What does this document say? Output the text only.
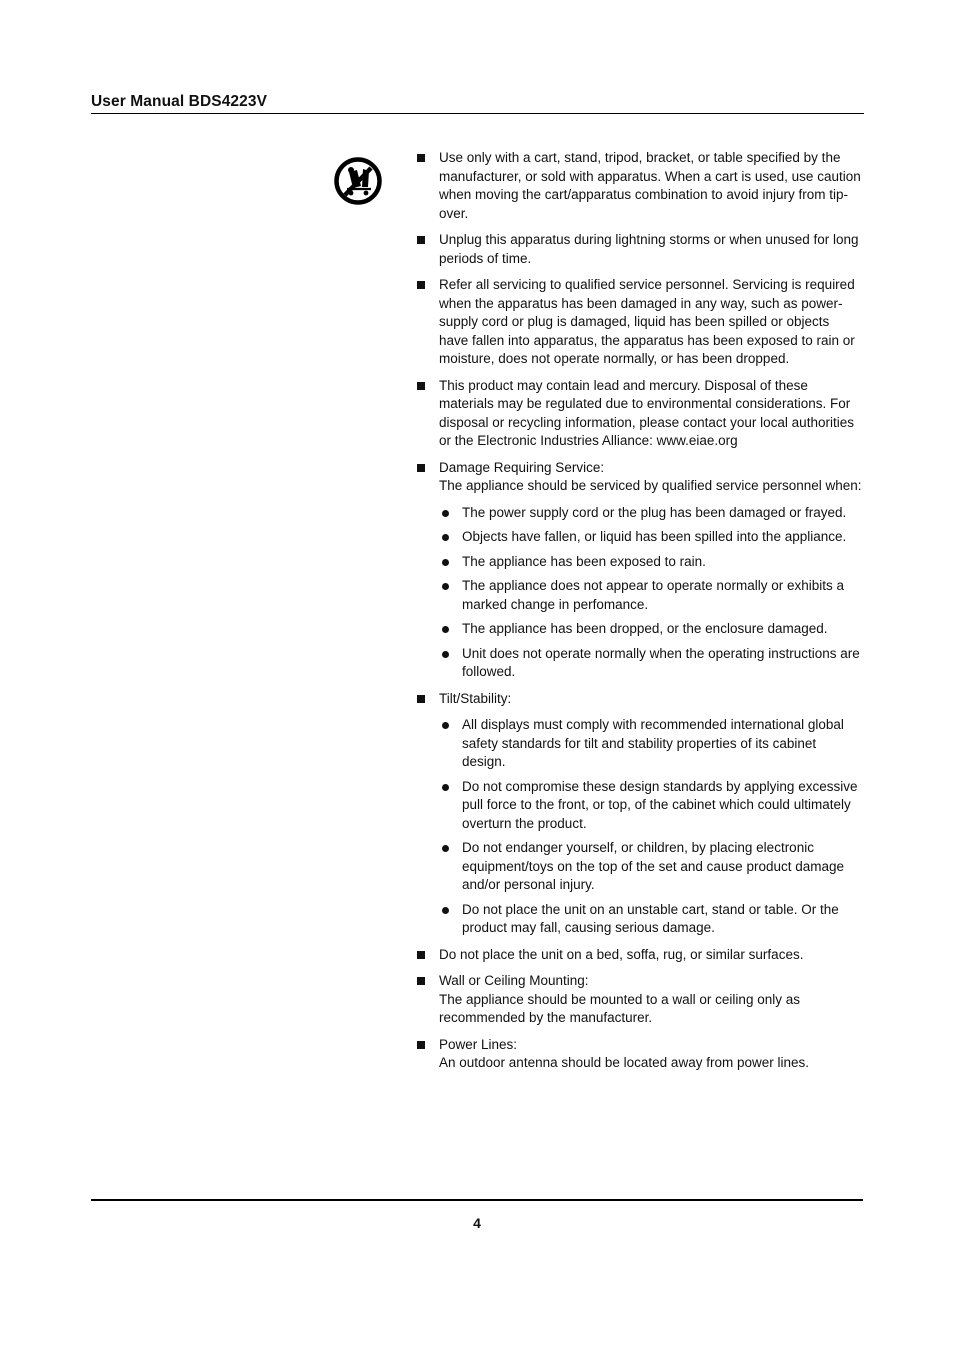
User Manual BDS4223V
Use only with a cart, stand, tripod, bracket, or table specified by the manufacturer, or sold with apparatus. When a cart is used, use caution when moving the cart/apparatus combination to avoid injury from tip-over.
Unplug this apparatus during lightning storms or when unused for long periods of time.
Refer all servicing to qualified service personnel. Servicing is required when the apparatus has been damaged in any way, such as power-supply cord or plug is damaged, liquid has been spilled or objects have fallen into apparatus, the apparatus has been exposed to rain or moisture, does not operate normally, or has been dropped.
This product may contain lead and mercury. Disposal of these materials may be regulated due to environmental considerations. For disposal or recycling information, please contact your local authorities or the Electronic Industries Alliance: www.eiae.org
Damage Requiring Service:
The appliance should be serviced by qualified service personnel when:
The power supply cord or the plug has been damaged or frayed.
Objects have fallen, or liquid has been spilled into the appliance.
The appliance has been exposed to rain.
The appliance does not appear to operate normally or exhibits a marked change in perfomance.
The appliance has been dropped, or the enclosure damaged.
Unit does not operate normally when the operating instructions are followed.
Tilt/Stability:
All displays must comply with recommended international global safety standards for tilt and stability properties of its cabinet design.
Do not compromise these design standards by applying excessive pull force to the front, or top, of the cabinet which could ultimately overturn the product.
Do not endanger yourself, or children, by placing electronic equipment/toys on the top of the set and cause product damage and/or personal injury.
Do not place the unit on an unstable cart, stand or table. Or the product may fall, causing serious damage.
Do not place the unit on a bed, soffa, rug, or similar surfaces.
Wall or Ceiling Mounting:
The appliance should be mounted to a wall or ceiling only as recommended by the manufacturer.
Power Lines:
An outdoor antenna should be located away from power lines.
4
